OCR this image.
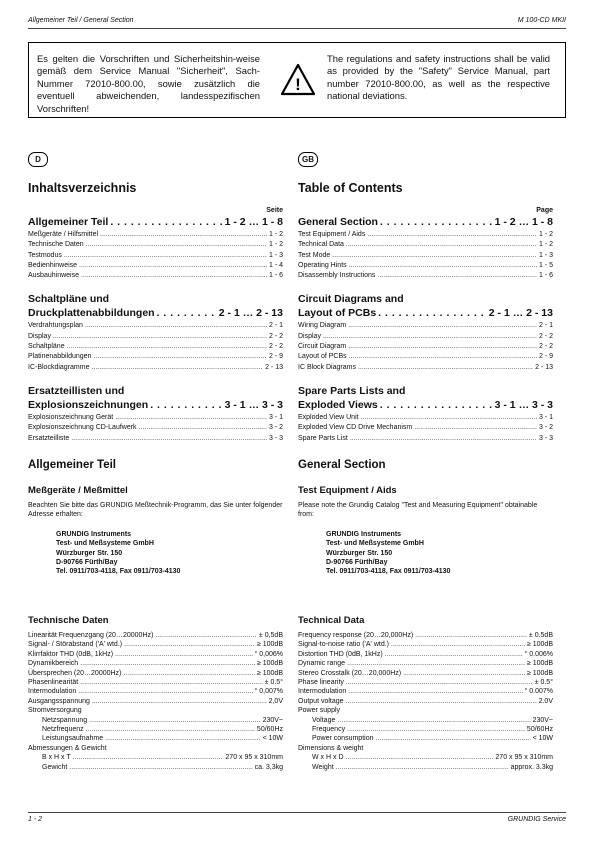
Allgemeiner Teil / General Section	M 100-CD MKII
Es gelten die Vorschriften und Sicherheitshin-weise gemäß dem Service Manual "Sicherheit", Sach-Nummer 72010-800.00, sowie zusätzlich die eventuell abweichenden, landesspezifischen Vorschriften!
!
The regulations and safety instructions shall be valid as provided by the "Safety" Service Manual, part number 72010-800.00, as well as the respective national deviations.
D
Inhaltsverzeichnis
Seite
Allgemeiner Teil . . .	1 - 2 … 1 - 8
Meßgeräte / Hilfsmittel .....	1 - 2
Technische Daten .....	1 - 2
Testmodus .....	1 - 3
Bedienhinweise .....	1 - 4
Ausbauhinweise .....	1 - 6
Schaltpläne und
Druckplattenabbildungen . . .	2 - 1 … 2 - 13
Verdrahtungsplan .....	2 - 1
Display .....	2 - 2
Schaltpläne .....	2 - 2
Platinenabbildungen .....	2 - 9
IC-Blockdiagramme .....	2 - 13
Ersatzteillisten und
Explosionszeichnungen . . .	3 - 1 … 3 - 3
Explosionszeichnung Gerät .....	3 - 1
Explosionszeichnung CD-Laufwerk .....	3 - 2
Ersatzteilliste .....	3 - 3
Allgemeiner Teil
Meßgeräte / Meßmittel
Beachten Sie bitte das GRUNDIG Meßtechnik-Programm, das Sie unter folgender Adresse erhalten:
GRUNDIG Instruments
Test- und Meßsysteme GmbH
Würzburger Str. 150
D-90766 Fürth/Bay
Tel. 0911/703-4118, Fax 0911/703-4130
GB
Table of Contents
Page
General Section . . .	1 - 2 … 1 - 8
Test Equipment / Aids .....	1 - 2
Technical Data .....	1 - 2
Test Mode .....	1 - 3
Operating Hints .....	1 - 5
Disassembly Instructions .....	1 - 6
Circuit Diagrams and
Layout of PCBs . . .	2 - 1 … 2 - 13
Wiring Diagram .....	2 - 1
Display .....	2 - 2
Circuit Diagram .....	2 - 2
Layout of PCBs .....	2 - 9
IC Block Diagrams .....	2 - 13
Spare Parts Lists and
Exploded Views . . .	3 - 1 … 3 - 3
Exploded View Unit .....	3 - 1
Exploded View CD Drive Mechanism .....	3 - 2
Spare Parts List .....	3 - 3
General Section
Test Equipment / Aids
Please note the Grundig Catalog "Test and Measuring Equipment" obtainable from:
GRUNDIG Instruments
Test- und Meßsysteme GmbH
Würzburger Str. 150
D-90766 Fürth/Bay
Tel. 0911/703-4118, Fax 0911/703-4130
Technische Daten
Linearität Frequenzgang (20…20000Hz) .....	± 0,5dB
Signal- / Störabstand ('A' wtd.) .....	≥ 100dB
Klirrfaktor THD (0dB, 1kHz) .....	° 0,006%
Dynamikbereich .....	≥ 100dB
Übersprechen (20…20000Hz) .....	≥ 100dB
Phasenlinearität .....	± 0.5°
Intermodulation .....	° 0,007%
Ausgangsspannung .....	2,0V
Stromversorgung
Netzspannung .....	230V~
Netzfrequenz .....	50/60Hz
Leistungsaufnahme .....	< 10W
Abmessungen & Gewicht
B x H x T .....	270 x 95 x 310mm
Gewicht .....	ca. 3,3kg
Technical Data
Frequency response (20…20,000Hz) .....	± 0.5dB
Signal-to-noise ratio ('A' wtd.) .....	≥ 100dB
Distortion THD (0dB, 1kHz) .....	° 0.006%
Dynamic range .....	≥ 100dB
Stereo Crosstalk (20…20,000Hz) .....	≥ 100dB
Phase linearity .....	± 0.5°
Intermodulation .....	° 0.007%
Output voltage .....	2.0V
Power supply
Voltage .....	230V~
Frequency .....	50/60Hz
Power consumption .....	< 10W
Dimensions & weight
W x H x D .....	270 x 95 x 310mm
Weight .....	approx. 3.3kg
1 - 2	GRUNDIG Service
